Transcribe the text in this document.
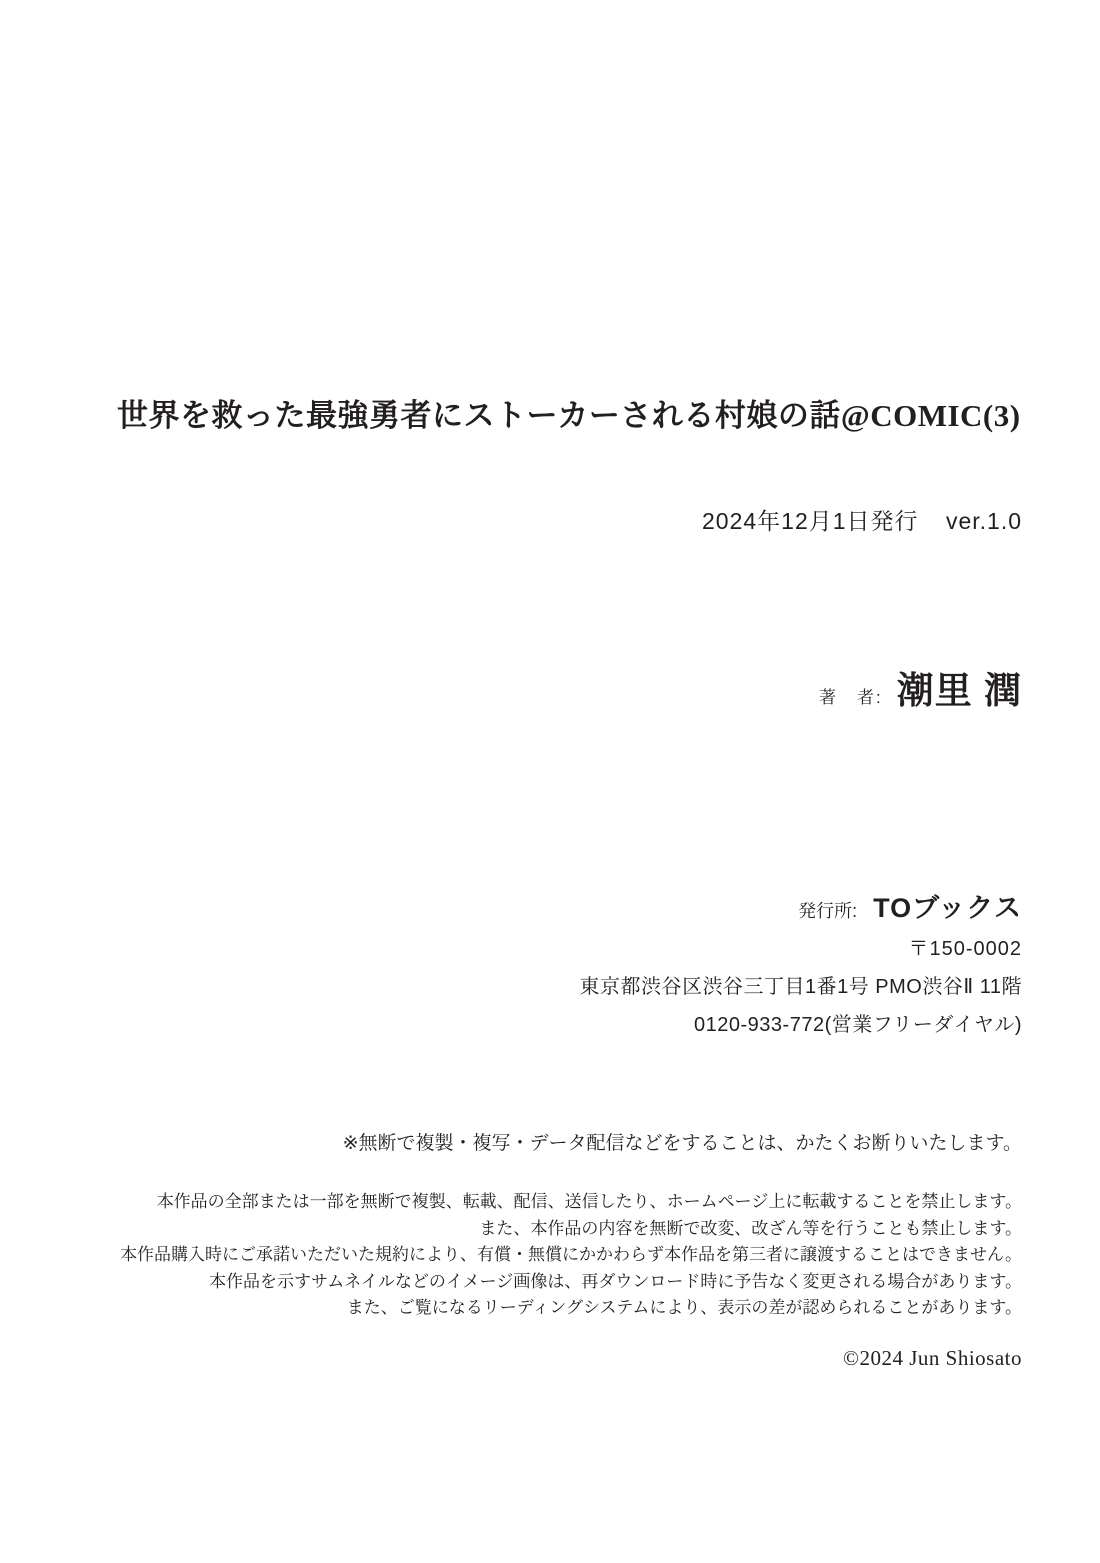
世界を救った最強勇者にストーカーされる村娘の話@COMIC(3)
2024年12月1日発行 ver.1.0
著　者: 潮里 潤
発行所: TOブックス
〒150-0002
東京都渋谷区渋谷三丁目1番1号 PMO渋谷Ⅱ 11階
0120-933-772(営業フリーダイヤル)
※無断で複製・複写・データ配信などをすることは、かたくお断りいたします。
本作品の全部または一部を無断で複製、転載、配信、送信したり、ホームページ上に転載することを禁止します。
また、本作品の内容を無断で改変、改ざん等を行うことも禁止します。
本作品購入時にご承諾いただいた規約により、有償・無償にかかわらず本作品を第三者に譲渡することはできません。
本作品を示すサムネイルなどのイメージ画像は、再ダウンロード時に予告なく変更される場合があります。
また、ご覧になるリーディングシステムにより、表示の差が認められることがあります。
©2024 Jun Shiosato
